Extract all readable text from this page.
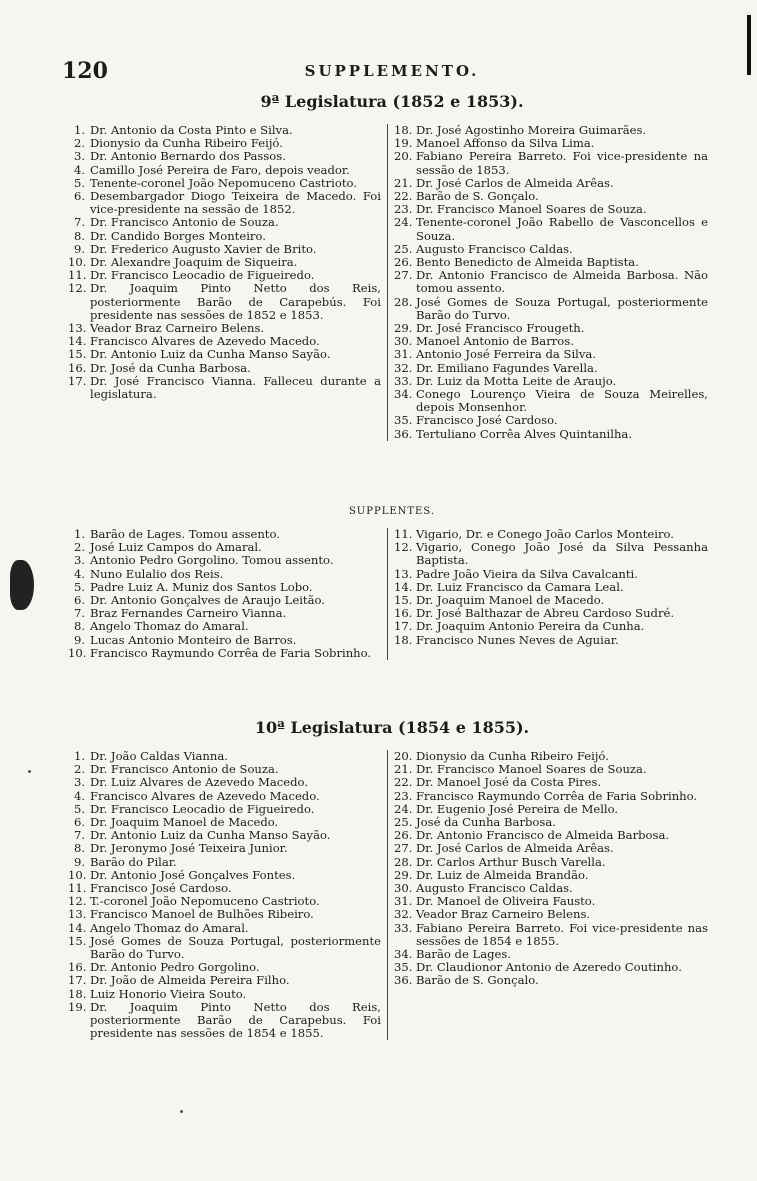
120	SUPPLEMENTO.
9ª Legislatura (1852 e 1853).
1. Dr. Antonio da Costa Pinto e Silva.
2. Dionysio da Cunha Ribeiro Feijó.
3. Dr. Antonio Bernardo dos Passos.
4. Camillo José Pereira de Faro, depois veador.
5. Tenente-coronel João Nepomuceno Castrioto.
6. Desembargador Diogo Teixeira de Macedo. Foi vice-presidente na sessão de 1852.
7. Dr. Francisco Antonio de Souza.
8. Dr. Candido Borges Monteiro.
9. Dr. Frederico Augusto Xavier de Brito.
10. Dr. Alexandre Joaquim de Siqueira.
11. Dr. Francisco Leocadio de Figueiredo.
12. Dr. Joaquim Pinto Netto dos Reis, posteriormente Barão de Carapebús. Foi presidente nas sessões de 1852 e 1853.
13. Veador Braz Carneiro Belens.
14. Francisco Alvares de Azevedo Macedo.
15. Dr. Antonio Luiz da Cunha Manso Sayão.
16. Dr. José da Cunha Barbosa.
17. Dr. José Francisco Vianna. Falleceu durante a legislatura.
18. Dr. José Agostinho Moreira Guimarães.
19. Manoel Affonso da Silva Lima.
20. Fabiano Pereira Barreto. Foi vice-presidente na sessão de 1853.
21. Dr. José Carlos de Almeida Arêas.
22. Barão de S. Gonçalo.
23. Dr. Francisco Manoel Soares de Souza.
24. Tenente-coronel João Rabello de Vasconcellos e Souza.
25. Augusto Francisco Caldas.
26. Bento Benedicto de Almeida Baptista.
27. Dr. Antonio Francisco de Almeida Barbosa. Não tomou assento.
28. José Gomes de Souza Portugal, posteriormente Barão do Turvo.
29. Dr. José Francisco Frougeth.
30. Manoel Antonio de Barros.
31. Antonio José Ferreira da Silva.
32. Dr. Emiliano Fagundes Varella.
33. Dr. Luiz da Motta Leite de Araujo.
34. Conego Lourenço Vieira de Souza Meirelles, depois Monsenhor.
35. Francisco José Cardoso.
36. Tertuliano Corrêa Alves Quintanilha.
SUPPLENTES.
1. Barão de Lages. Tomou assento.
2. José Luiz Campos do Amaral.
3. Antonio Pedro Gorgolino. Tomou assento.
4. Nuno Eulalio dos Reis.
5. Padre Luiz A. Muniz dos Santos Lobo.
6. Dr. Antonio Gonçalves de Araujo Leitão.
7. Braz Fernandes Carneiro Vianna.
8. Angelo Thomaz do Amaral.
9. Lucas Antonio Monteiro de Barros.
10. Francisco Raymundo Corrêa de Faria Sobrinho.
11. Vigario, Dr. e Conego João Carlos Monteiro.
12. Vigario, Conego João José da Silva Pessanha Baptista.
13. Padre João Vieira da Silva Cavalcanti.
14. Dr. Luiz Francisco da Camara Leal.
15. Dr. Joaquim Manoel de Macedo.
16. Dr. José Balthazar de Abreu Cardoso Sudré.
17. Dr. Joaquim Antonio Pereira da Cunha.
18. Francisco Nunes Neves de Aguiar.
10ª Legislatura (1854 e 1855).
1. Dr. João Caldas Vianna.
2. Dr. Francisco Antonio de Souza.
3. Dr. Luiz Alvares de Azevedo Macedo.
4. Francisco Alvares de Azevedo Macedo.
5. Dr. Francisco Leocadio de Figueiredo.
6. Dr. Joaquim Manoel de Macedo.
7. Dr. Antonio Luiz da Cunha Manso Sayão.
8. Dr. Jeronymo José Teixeira Junior.
9. Barão do Pilar.
10. Dr. Antonio José Gonçalves Fontes.
11. Francisco José Cardoso.
12. T.-coronel João Nepomuceno Castrioto.
13. Francisco Manoel de Bulhões Ribeiro.
14. Angelo Thomaz do Amaral.
15. José Gomes de Souza Portugal, posteriormente Barão do Turvo.
16. Dr. Antonio Pedro Gorgolino.
17. Dr. João de Almeida Pereira Filho.
18. Luiz Honorio Vieira Souto.
19. Dr. Joaquim Pinto Netto dos Reis, posteriormente Barão de Carapebus. Foi presidente nas sessões de 1854 e 1855.
20. Dionysio da Cunha Ribeiro Feijó.
21. Dr. Francisco Manoel Soares de Souza.
22. Dr. Manoel José da Costa Pires.
23. Francisco Raymundo Corrêa de Faria Sobrinho.
24. Dr. Eugenio José Pereira de Mello.
25. José da Cunha Barbosa.
26. Dr. Antonio Francisco de Almeida Barbosa.
27. Dr. José Carlos de Almeida Arêas.
28. Dr. Carlos Arthur Busch Varella.
29. Dr. Luiz de Almeida Brandão.
30. Augusto Francisco Caldas.
31. Dr. Manoel de Oliveira Fausto.
32. Veador Braz Carneiro Belens.
33. Fabiano Pereira Barreto. Foi vice-presidente nas sessões de 1854 e 1855.
34. Barão de Lages.
35. Dr. Claudionor Antonio de Azeredo Coutinho.
36. Barão de S. Gonçalo.
